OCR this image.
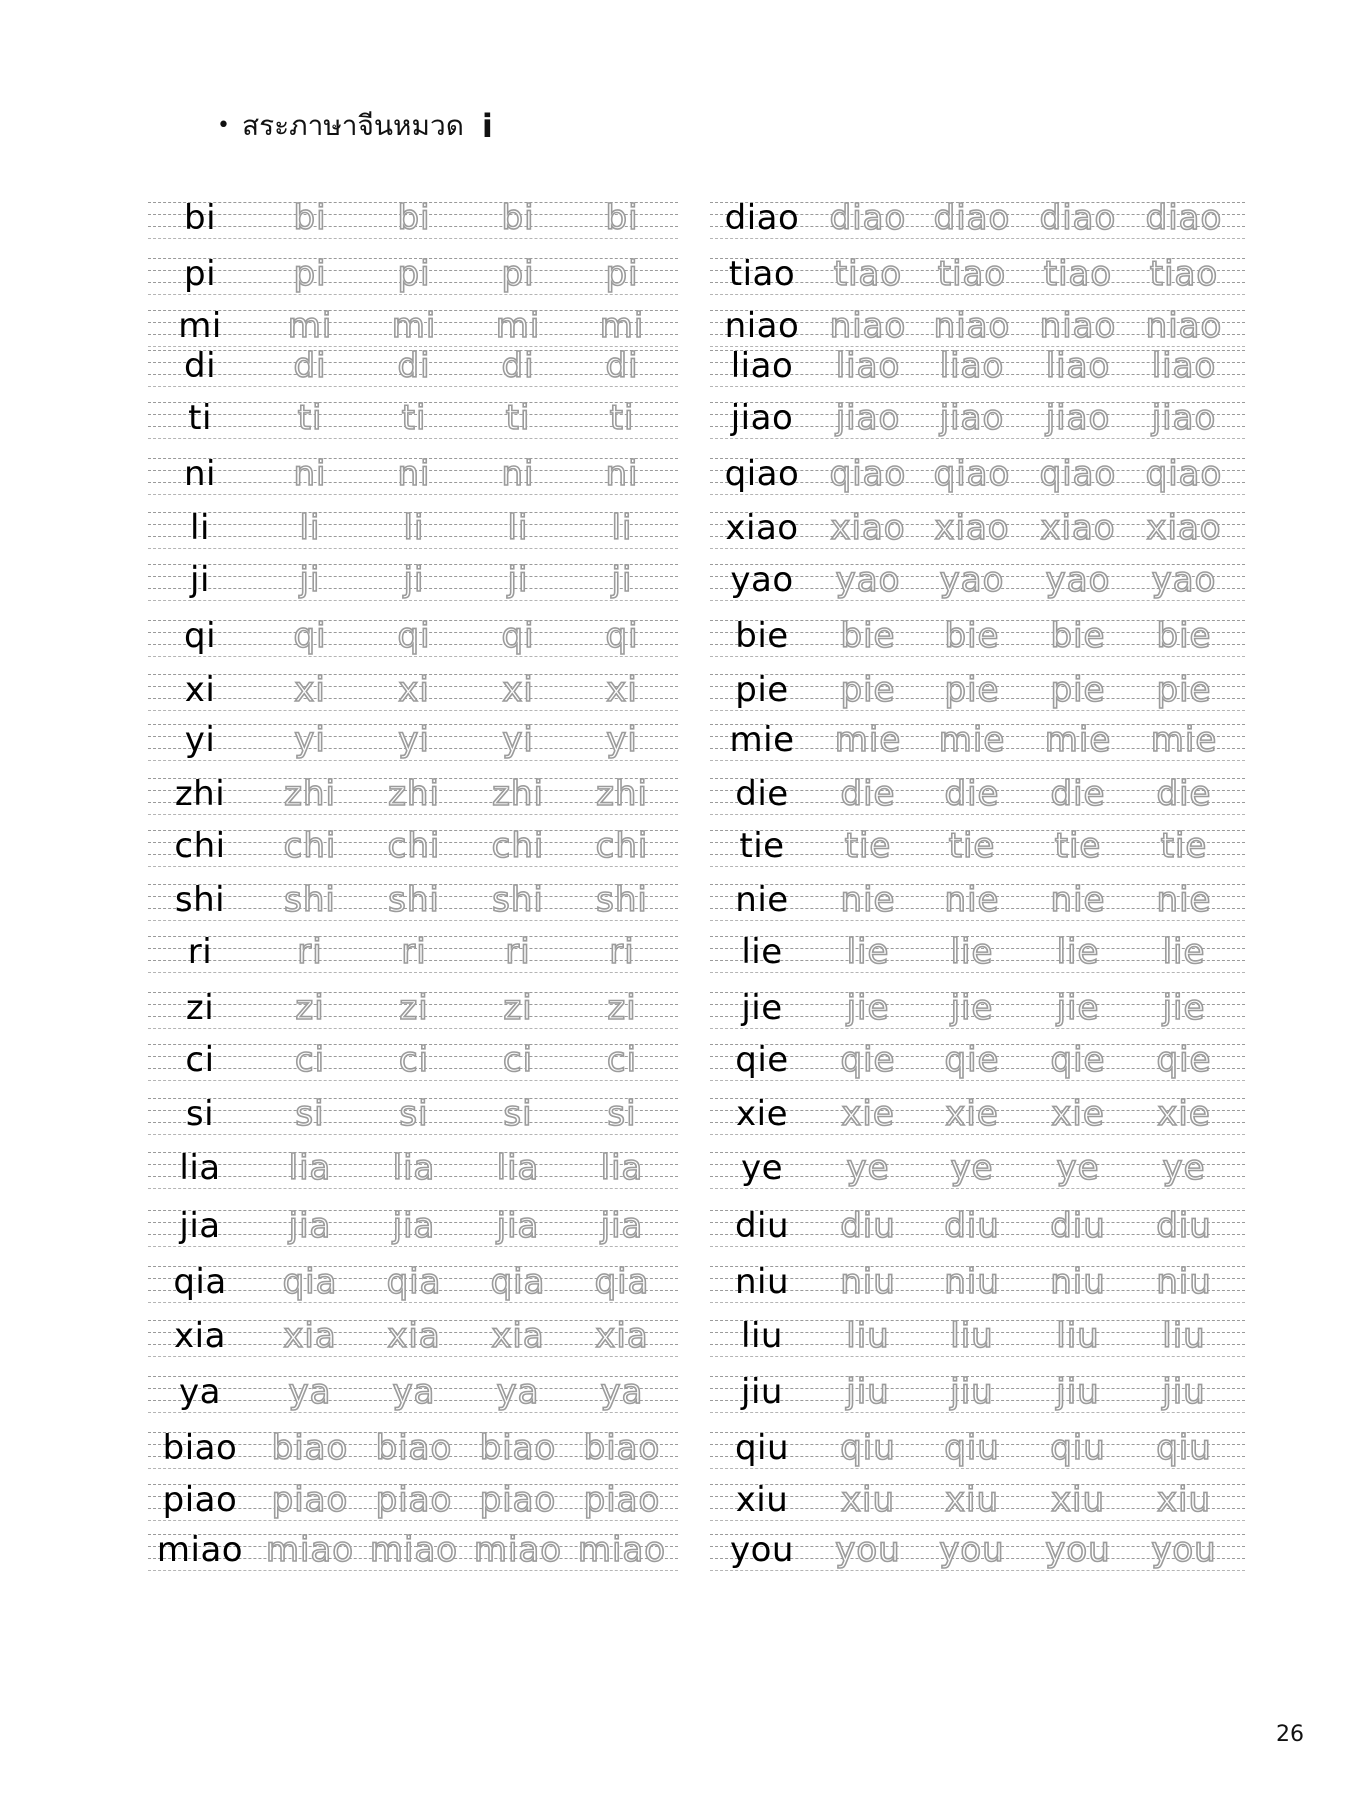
• สระภาษาจีนหมวด i
bi	bi	bi	bi	bi
pi	pi	pi	pi	pi
mi	mi	mi	mi	mi
di	di	di	di	di
ti	ti	ti	ti	ti
ni	ni	ni	ni	ni
li	li	li	li	li
ji	ji	ji	ji	ji
qi	qi	qi	qi	qi
xi	xi	xi	xi	xi
yi	yi	yi	yi	yi
zhi	zhi	zhi	zhi	zhi
chi	chi	chi	chi	chi
shi	shi	shi	shi	shi
ri	ri	ri	ri	ri
zi	zi	zi	zi	zi
ci	ci	ci	ci	ci
si	si	si	si	si
lia	lia	lia	lia	lia
jia	jia	jia	jia	jia
qia	qia	qia	qia	qia
xia	xia	xia	xia	xia
ya	ya	ya	ya	ya
biao	biao biao biao biao
piao	piao piao piao piao
miao miao miao miao miao
diao diao diao diao diao
tiao	tiao	tiao	tiao	tiao
niao niao niao niao niao
liao	liao	liao	liao	liao
jiao	jiao	jiao	jiao	jiao
qiao qiao qiao qiao qiao
xiao xiao xiao xiao xiao
yao	yao	yao	yao	yao
bie	bie	bie	bie	bie
pie	pie	pie	pie	pie
mie	mie	mie	mie	mie
die	die	die	die	die
tie	tie	tie	tie	tie
nie	nie	nie	nie	nie
lie	lie	lie	lie	lie
jie	jie	jie	jie	jie
qie	qie	qie	qie	qie
xie	xie	xie	xie	xie
ye	ye	ye	ye	ye
diu	diu	diu	diu	diu
niu	niu	niu	niu	niu
liu	liu	liu	liu	liu
jiu	jiu	jiu	jiu	jiu
qiu	qiu	qiu	qiu	qiu
xiu	xiu	xiu	xiu	xiu
you	you	you	you	you
26
